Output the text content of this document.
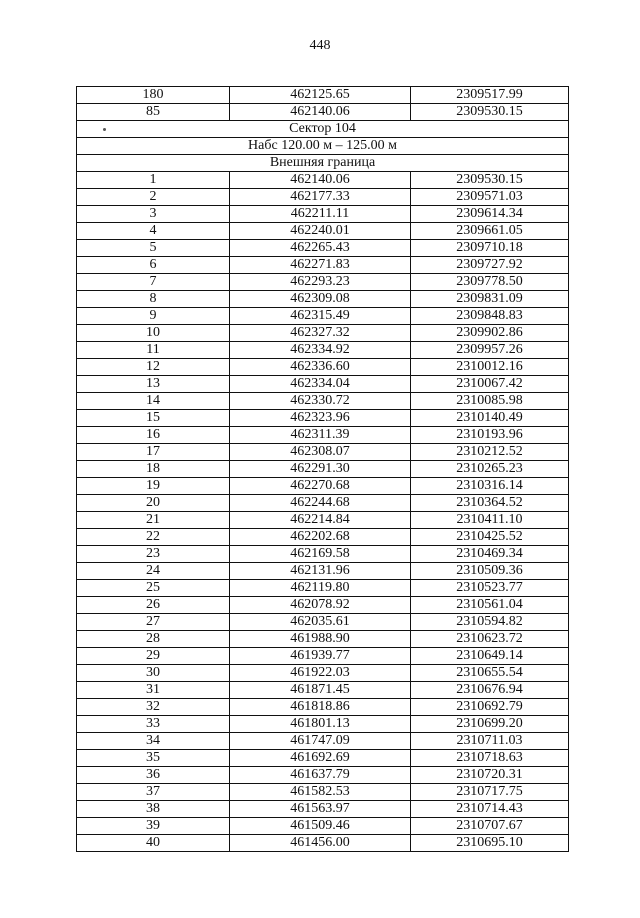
448
180	462125.65	2309517.99
85	462140.06	2309530.15
Сектор 104		
Набс 120.00 м – 125.00 м		
Внешняя граница		
1	462140.06	2309530.15
2	462177.33	2309571.03
3	462211.11	2309614.34
4	462240.01	2309661.05
5	462265.43	2309710.18
6	462271.83	2309727.92
7	462293.23	2309778.50
8	462309.08	2309831.09
9	462315.49	2309848.83
10	462327.32	2309902.86
11	462334.92	2309957.26
12	462336.60	2310012.16
13	462334.04	2310067.42
14	462330.72	2310085.98
15	462323.96	2310140.49
16	462311.39	2310193.96
17	462308.07	2310212.52
18	462291.30	2310265.23
19	462270.68	2310316.14
20	462244.68	2310364.52
21	462214.84	2310411.10
22	462202.68	2310425.52
23	462169.58	2310469.34
24	462131.96	2310509.36
25	462119.80	2310523.77
26	462078.92	2310561.04
27	462035.61	2310594.82
28	461988.90	2310623.72
29	461939.77	2310649.14
30	461922.03	2310655.54
31	461871.45	2310676.94
32	461818.86	2310692.79
33	461801.13	2310699.20
34	461747.09	2310711.03
35	461692.69	2310718.63
36	461637.79	2310720.31
37	461582.53	2310717.75
38	461563.97	2310714.43
39	461509.46	2310707.67
40	461456.00	2310695.10
